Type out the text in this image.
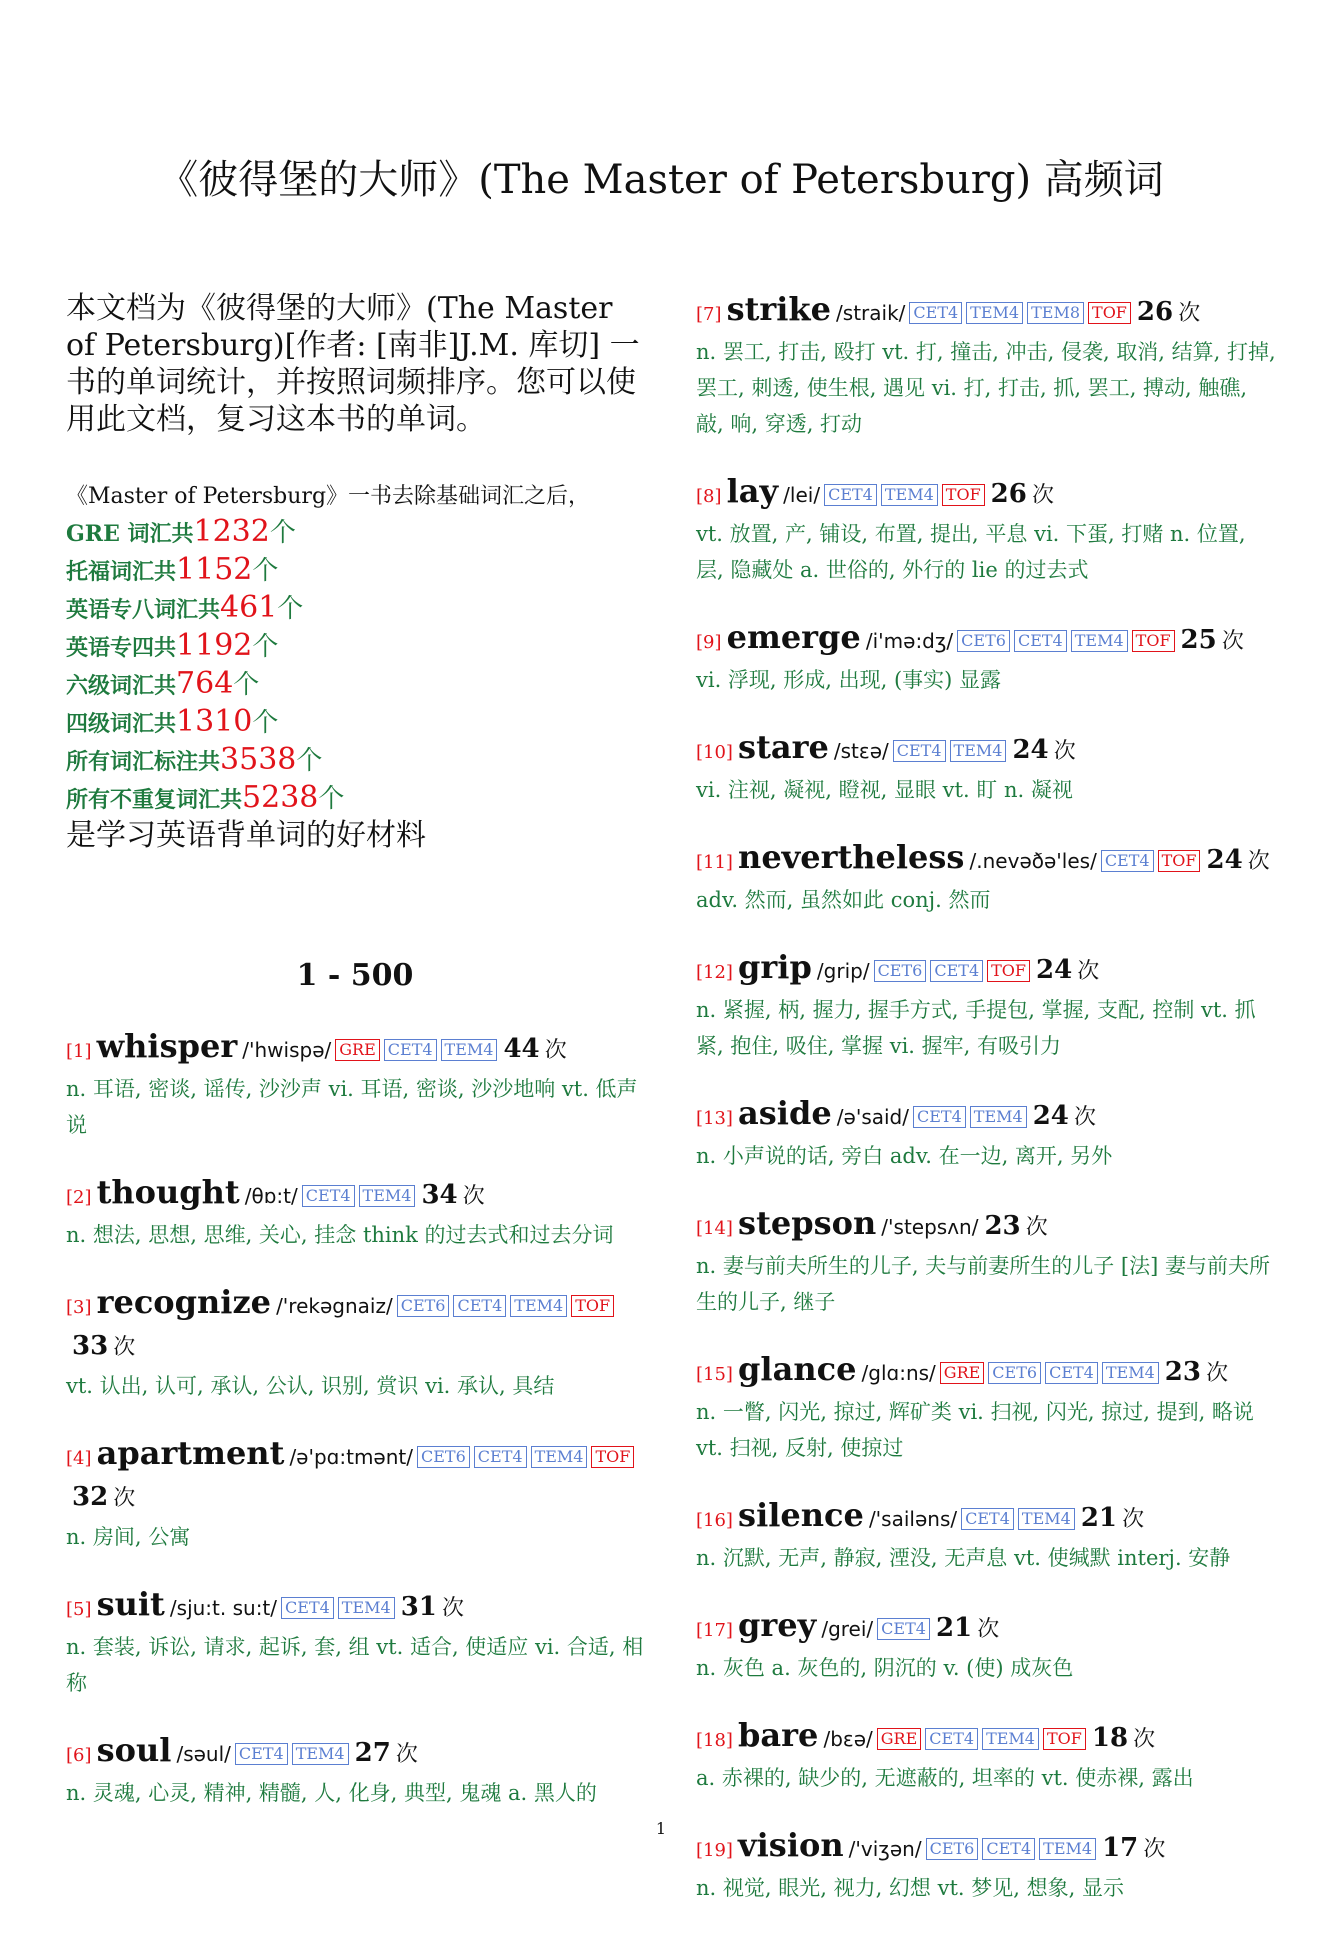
《彼得堡的大师》(The Master of Petersburg) 高频词

本文档为《彼得堡的大师》(The Master of Petersburg)[作者: [南非]J.M. 库切] 一书的单词统计，并按照词频排序。您可以使用此文档，复习这本书的单词。

《Master of Petersburg》一书去除基础词汇之后，
GRE 词汇共1232个
托福词汇共1152个
英语专八词汇共461个
英语专四共1192个
六级词汇共764个
四级词汇共1310个
所有词汇标注共3538个
所有不重复词汇共5238个
是学习英语背单词的好材料
1 - 500
[1] whisper /'hwispə/ GRE CET4 TEM4 44 次
n. 耳语, 密谈, 谣传, 沙沙声 vi. 耳语, 密谈, 沙沙地响 vt. 低声说
[2] thought /θɒ:t/ CET4 TEM4 34 次
n. 想法, 思想, 思维, 关心, 挂念 think 的过去式和过去分词
[3] recognize /'rekəgnaiz/ CET6 CET4 TEM4 TOF33 次
vt. 认出, 认可, 承认, 公认, 识别, 赏识 vi. 承认, 具结
[4] apartment /ə'pɑ:tmənt/ CET6 CET4 TEM4 TOF32 次
n. 房间, 公寓
[5] suit /sju:t. su:t/ CET4 TEM4 31 次
n. 套装, 诉讼, 请求, 起诉, 套, 组 vt. 适合, 使适应 vi. 合适, 相称
[6] soul /səul/ CET4 TEM4 27 次
n. 灵魂, 心灵, 精神, 精髓, 人, 化身, 典型, 鬼魂 a. 黑人的
[7] strike /straik/ CET4 TEM4 TEM8 TOF 26 次
n. 罢工, 打击, 殴打 vt. 打, 撞击, 冲击, 侵袭, 取消, 结算, 打掉, 罢工, 刺透, 使生根, 遇见 vi. 打, 打击, 抓, 罢工, 搏动, 触礁, 敲, 响, 穿透, 打动
[8] lay /lei/ CET4 TEM4 TOF 26 次
vt. 放置, 产, 铺设, 布置, 提出, 平息 vi. 下蛋, 打赌 n. 位置, 层, 隐藏处 a. 世俗的, 外行的 lie 的过去式
[9] emerge /i'mə:dʒ/ CET6 CET4 TEM4 TOF 25 次
vi. 浮现, 形成, 出现, (事实) 显露
[10] stare /stεə/ CET4 TEM4 24 次
vi. 注视, 凝视, 瞪视, 显眼 vt. 盯 n. 凝视
[11] nevertheless /.nevəðə'les/ CET4 TOF 24 次
adv. 然而, 虽然如此 conj. 然而
[12] grip /grip/ CET6 CET4 TOF 24 次
n. 紧握, 柄, 握力, 握手方式, 手提包, 掌握, 支配, 控制 vt. 抓紧, 抱住, 吸住, 掌握 vi. 握牢, 有吸引力
[13] aside /ə'said/ CET4 TEM4 24 次
n. 小声说的话, 旁白 adv. 在一边, 离开, 另外
[14] stepson /'stepsʌn/ 23 次
n. 妻与前夫所生的儿子, 夫与前妻所生的儿子 [法] 妻与前夫所生的儿子, 继子
[15] glance /glɑ:ns/ GRE CET6 CET4 TEM4 23 次
n. 一瞥, 闪光, 掠过, 辉矿类 vi. 扫视, 闪光, 掠过, 提到, 略说 vt. 扫视, 反射, 使掠过
[16] silence /'sailəns/ CET4 TEM4 21 次
n. 沉默, 无声, 静寂, 湮没, 无声息 vt. 使缄默 interj. 安静
[17] grey /grei/ CET4 21 次
n. 灰色 a. 灰色的, 阴沉的 v. (使) 成灰色
[18] bare /bεə/ GRE CET4 TEM4 TOF 18 次
a. 赤裸的, 缺少的, 无遮蔽的, 坦率的 vt. 使赤裸, 露出
[19] vision /'viʒən/ CET6 CET4 TEM4 17 次
n. 视觉, 眼光, 视力, 幻想 vt. 梦见, 想象, 显示
1
